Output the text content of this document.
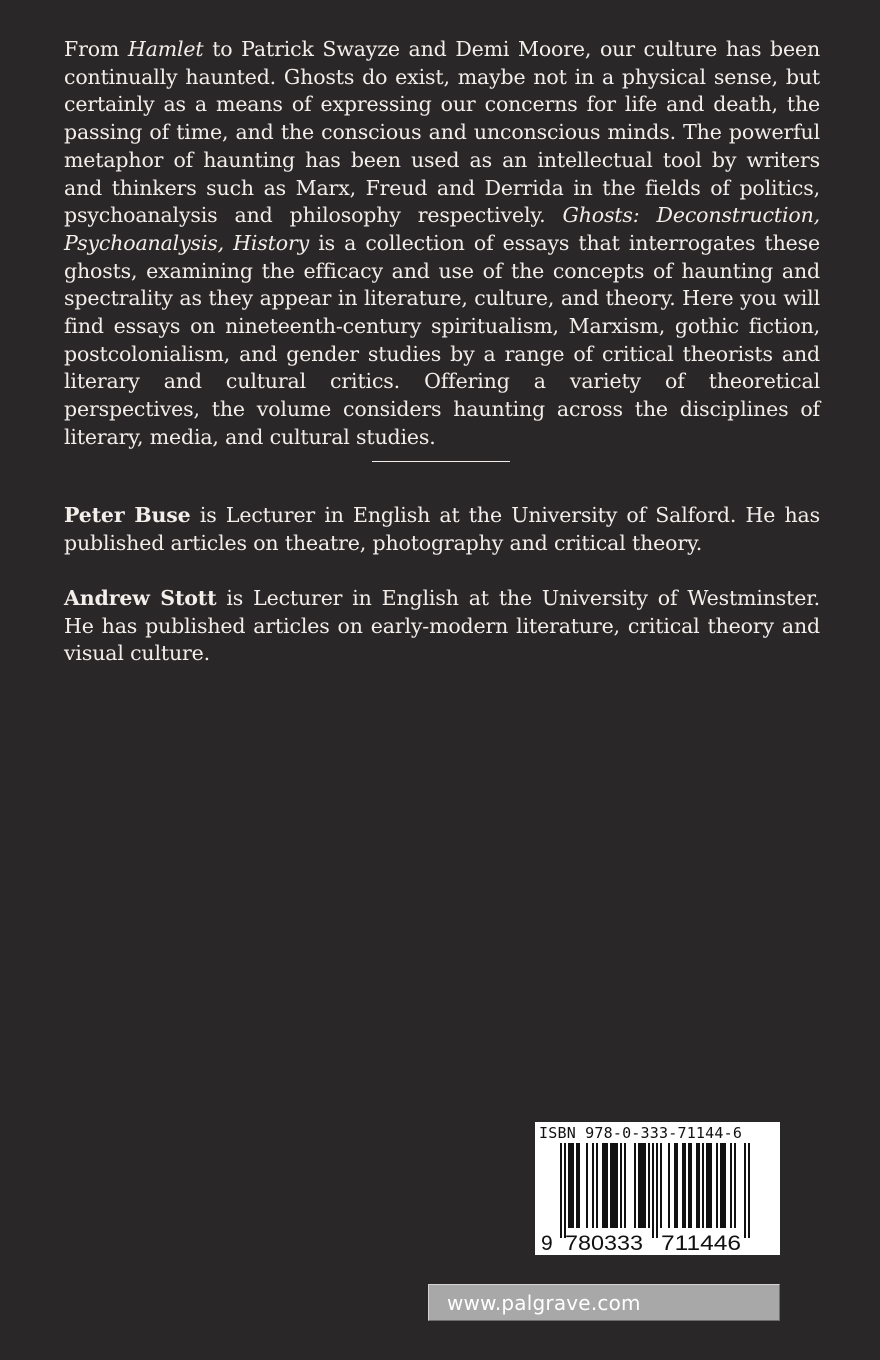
From Hamlet to Patrick Swayze and Demi Moore, our culture has been continually haunted. Ghosts do exist, maybe not in a physical sense, but certainly as a means of expressing our concerns for life and death, the passing of time, and the conscious and unconscious minds. The powerful metaphor of haunting has been used as an intellectual tool by writers and thinkers such as Marx, Freud and Derrida in the fields of politics, psychoanalysis and philosophy respectively. Ghosts: Deconstruction, Psychoanalysis, History is a collection of essays that interrogates these ghosts, examining the efficacy and use of the concepts of haunting and spectrality as they appear in literature, culture, and theory. Here you will find essays on nineteenth-century spiritualism, Marxism, gothic fiction, postcolonialism, and gender studies by a range of critical theorists and literary and cultural critics. Offering a variety of theoretical perspectives, the volume considers haunting across the disciplines of literary, media, and cultural studies.

Peter Buse is Lecturer in English at the University of Salford. He has published articles on theatre, photography and critical theory.

Andrew Stott is Lecturer in English at the University of Westminster. He has published articles on early-modern literature, critical theory and visual culture.

ISBN 978-0-333-71144-6
9 780333 711446
www.palgrave.com
